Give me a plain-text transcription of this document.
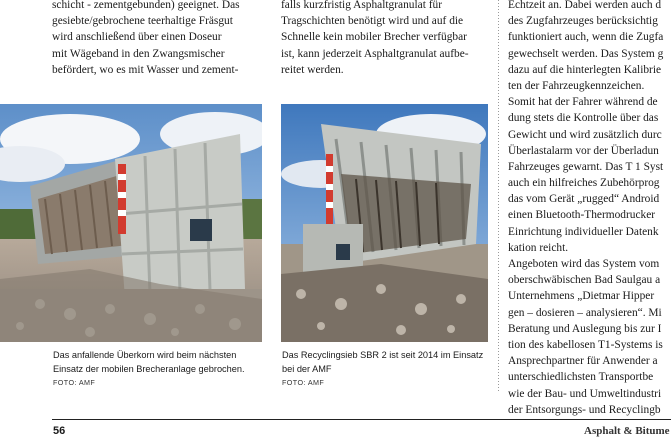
schicht - zementgebunden) geeignet. Das
gesiebte/gebrochene teerhaltige Fräsgut
wird anschließend über einen Doseur
mit Wägeband in den Zwangsmischer
befördert, wo es mit Wasser und zement-
falls kurzfristig Asphaltgranulat für
Tragschichten benötigt wird und auf die
Schnelle kein mobiler Brecher verfügbar
ist, kann jederzeit Asphaltgranulat aufbe-
reitet werden.
Echtzeit an. Dabei werden auch d
des Zugfahrzeuges berücksichtig
funktioniert auch, wenn die Zugfa
gewechselt werden. Das System g
dazu auf die hinterlegten Kalibrie
ten der Fahrzeugkennzeichen.
Somit hat der Fahrer während de
dung stets die Kontrolle über das
Gewicht und wird zusätzlich durc
Überlastalarm vor der Überladun
Fahrzeuges gewarnt. Das T 1 Syst
auch ein hilfreiches Zubehörprog
das vom Gerät „rugged“ Android
einen Bluetooth-Thermodrucker
Einrichtung individueller Datenk
kation reicht.
Angeboten wird das System vom
oberschwäbischen Bad Saulgau a
Unternehmens „Dietmar Hipper
gen – dosieren – analysieren“. Mi
Beratung und Auslegung bis zur I
tion des kabellosen T1-Systems is
Ansprechpartner für Anwender a
unterschiedlichsten Transportbe
wie der Bau- und Umweltindustri
der Entsorgungs- und Recyclingb
Das anfallende Überkorn wird beim nächsten
Einsatz der mobilen Brecheranlage gebrochen.
FOTO: AMF
Das Recyclingsieb SBR 2 ist seit 2014 im Einsatz
bei der AMF
FOTO: AMF
56	Asphalt & Bitume
